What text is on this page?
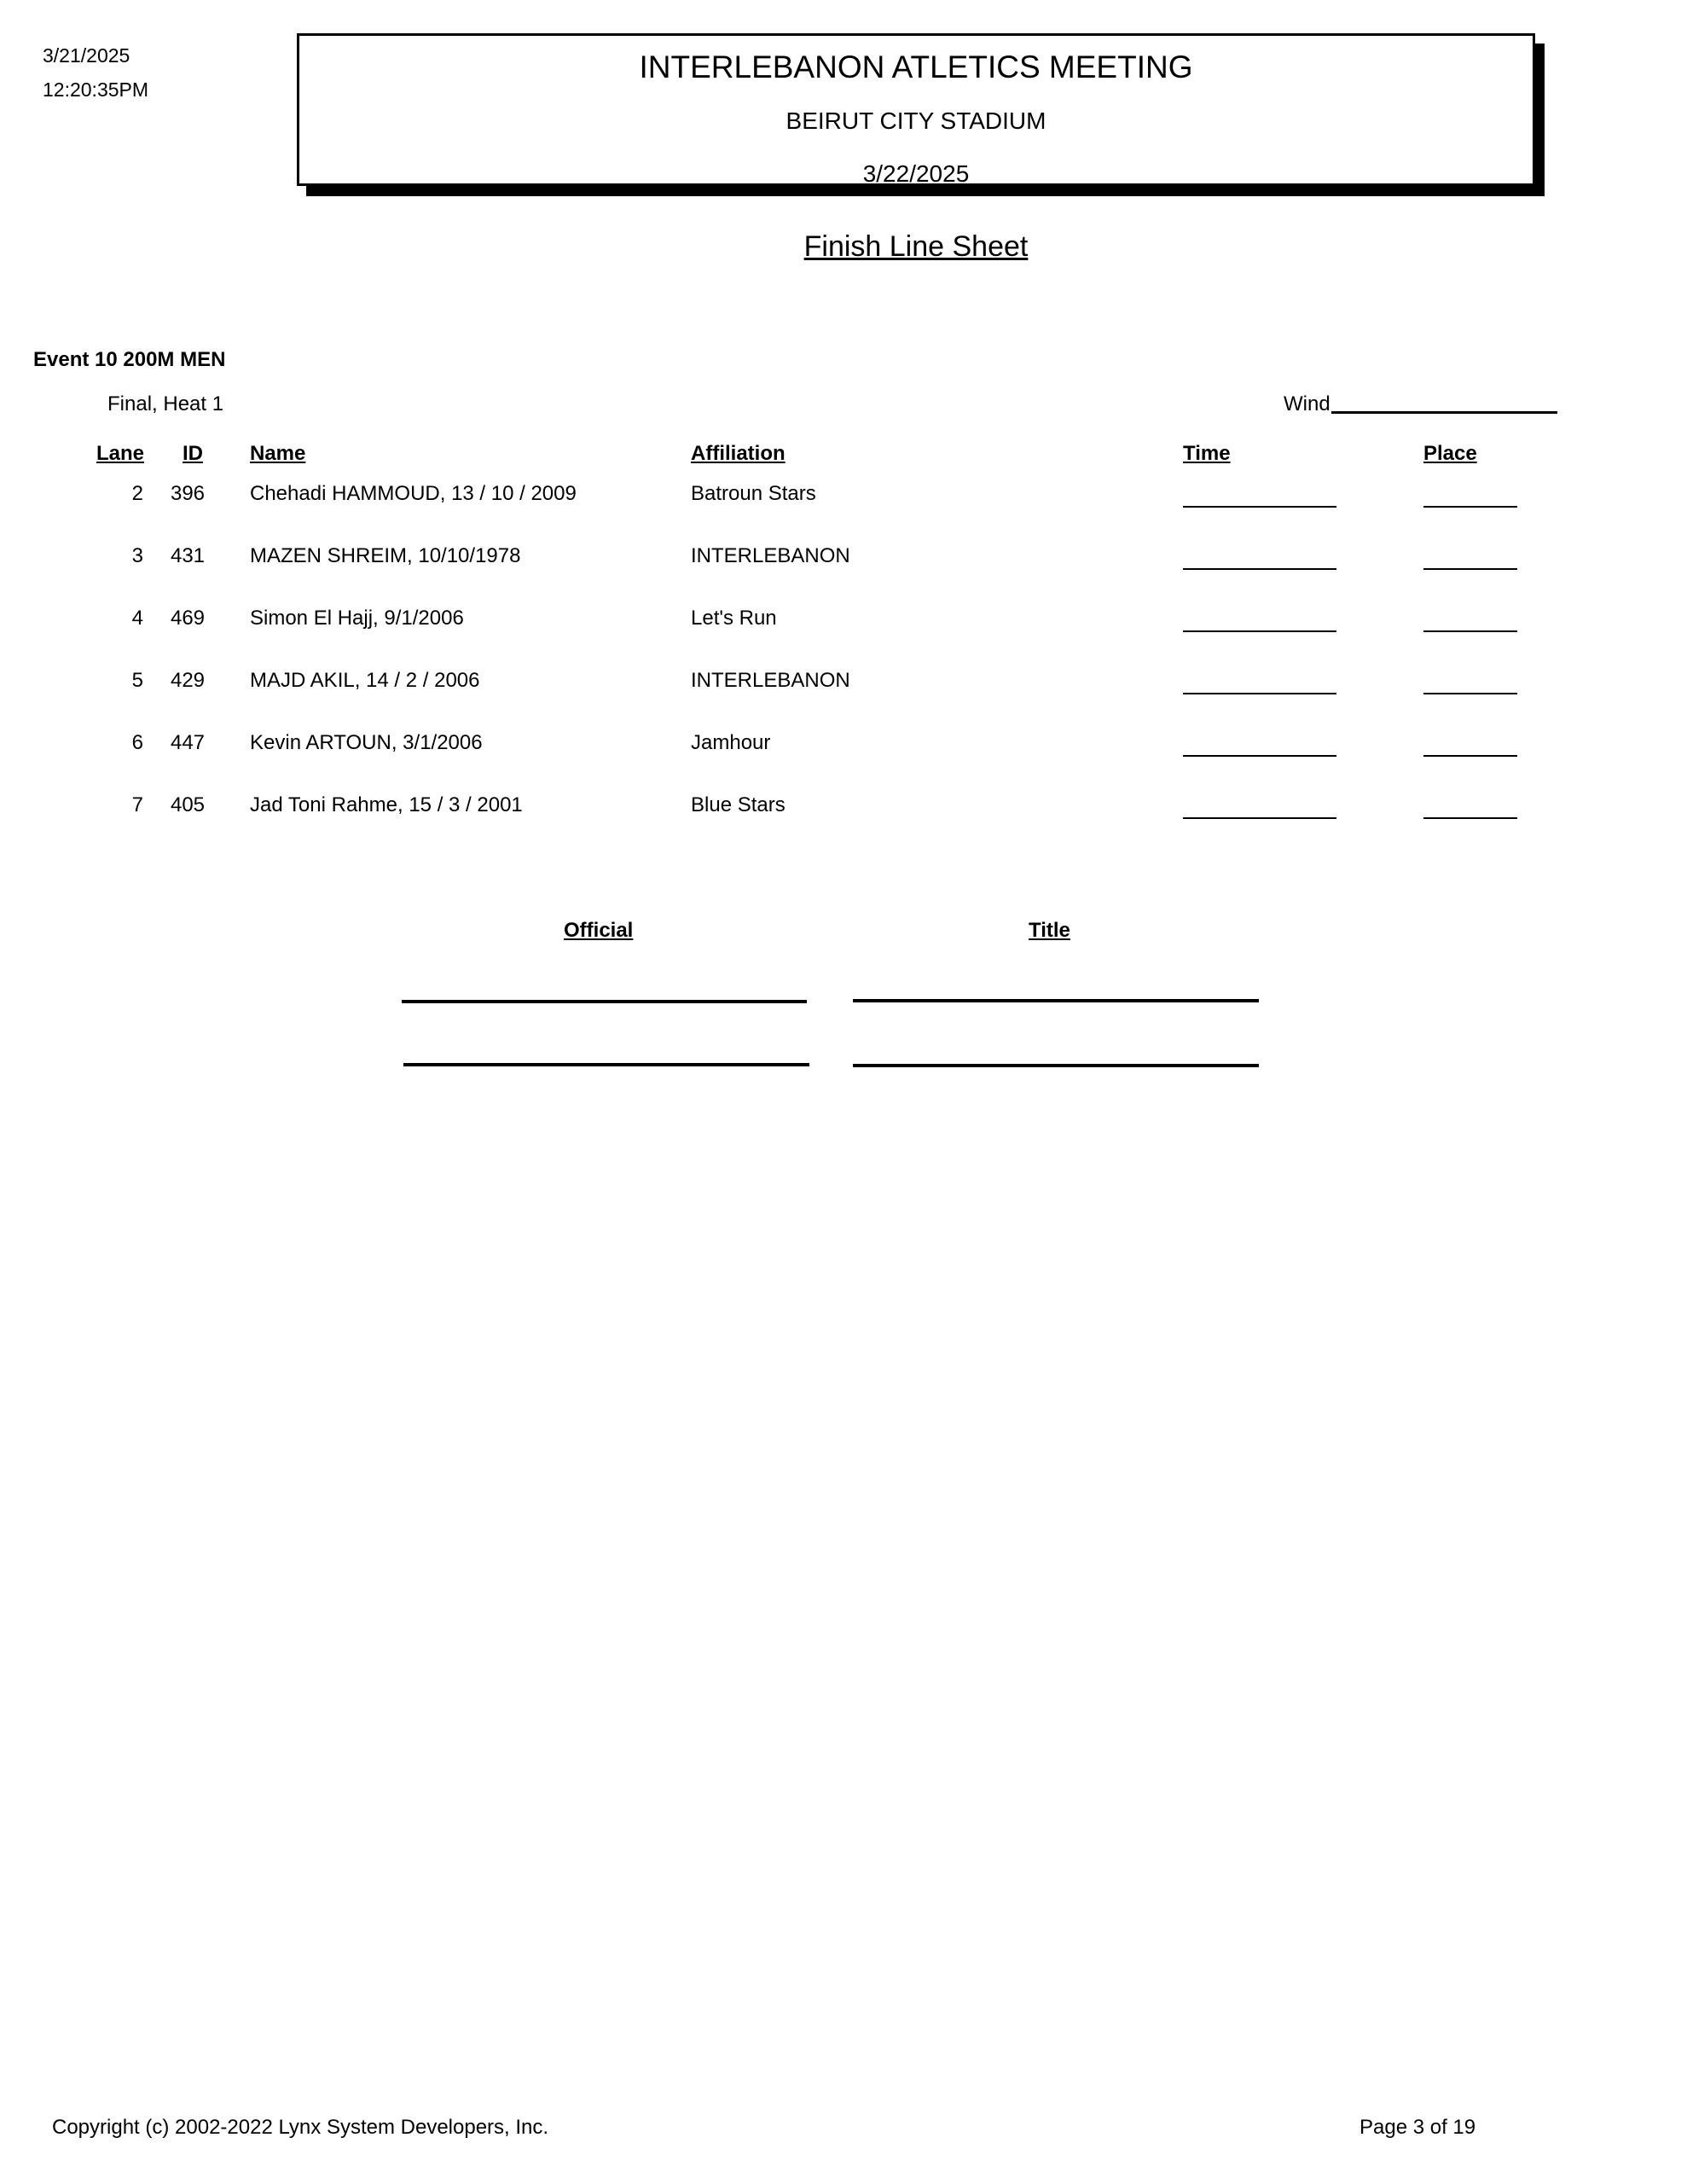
3/21/2025
12:20:35PM
INTERLEBANON ATLETICS MEETING
BEIRUT CITY STADIUM
3/22/2025
Finish Line Sheet
Event 10 200M MEN
Final, Heat 1	Wind
Lane ID Name	Affiliation	Time	Place
2	396	Chehadi HAMMOUD, 13 / 10 / 2009	Batroun Stars
3	431	MAZEN SHREIM, 10/10/1978	INTERLEBANON
4	469	Simon El Hajj, 9/1/2006	Let's Run
5	429	MAJD AKIL, 14 / 2 / 2006	INTERLEBANON
6	447	Kevin ARTOUN, 3/1/2006	Jamhour
7	405	Jad Toni Rahme, 15 / 3 / 2001	Blue Stars
Official	Title
Copyright (c) 2002-2022 Lynx System Developers, Inc.	Page 3 of 19
